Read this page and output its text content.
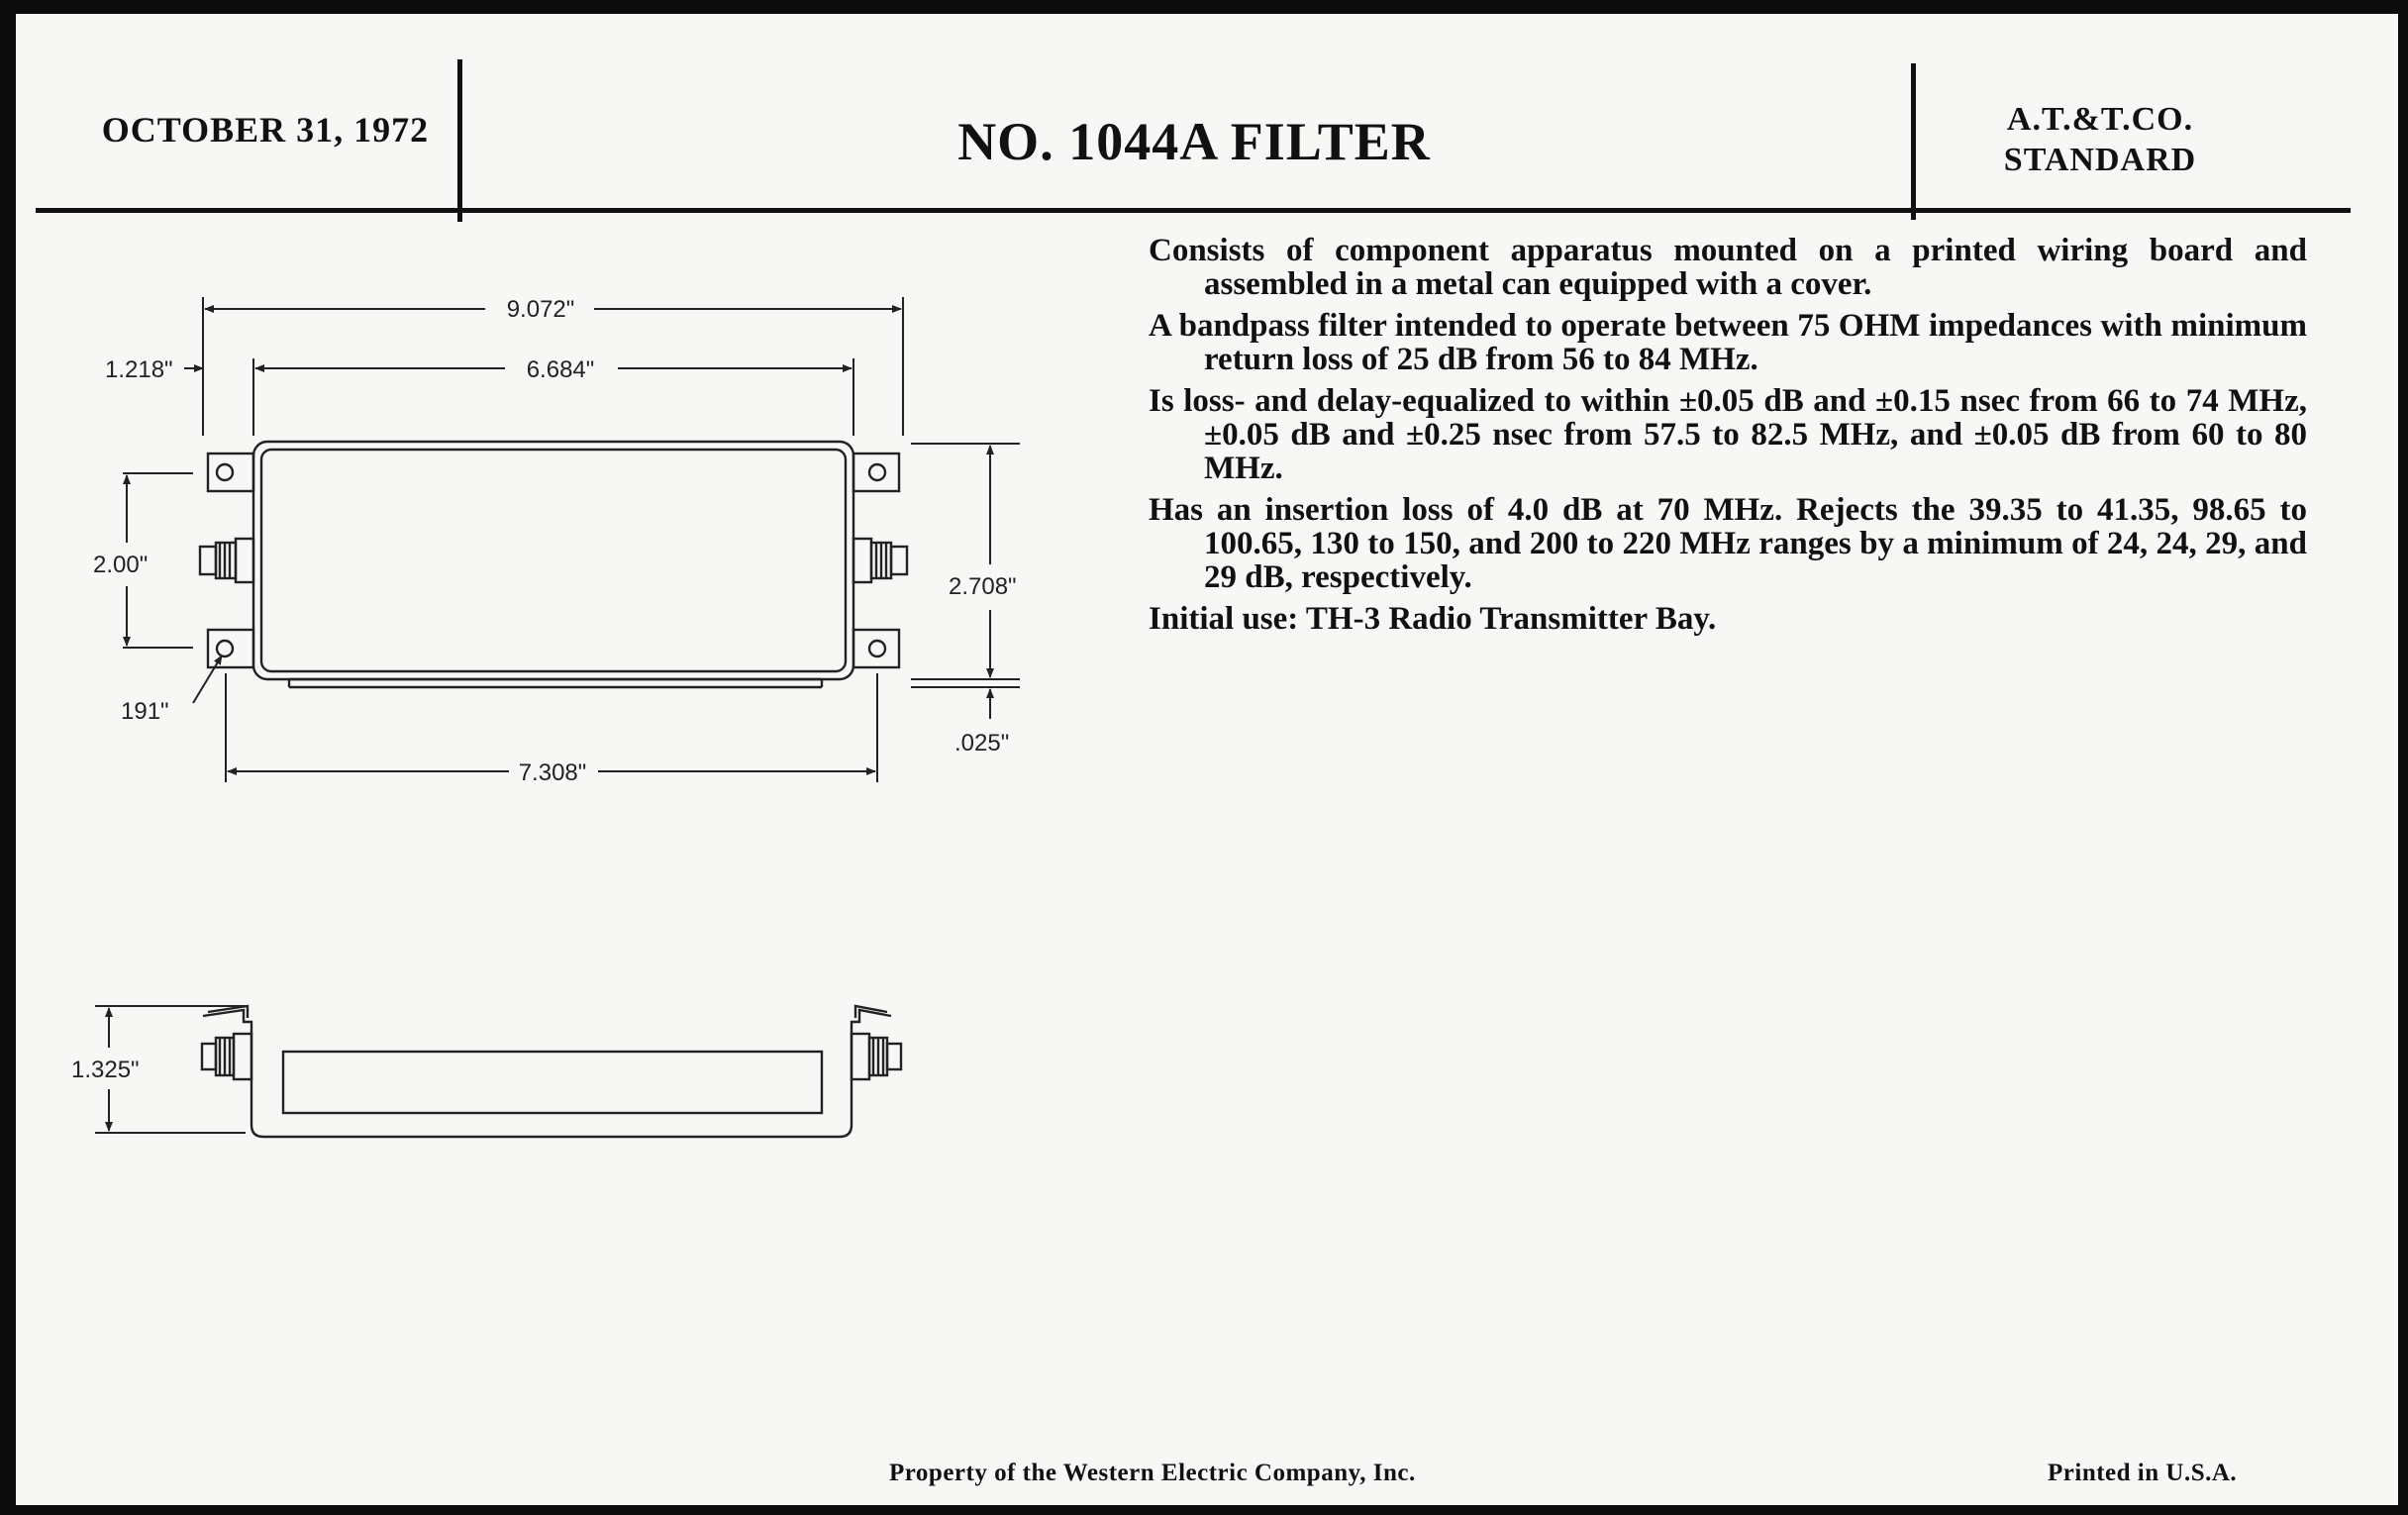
OCTOBER 31, 1972	NO. 1044A FILTER	A.T.&T.CO.
STANDARD

Consists of component apparatus mounted on a printed wiring board and assembled in a metal can equipped with a cover.

A bandpass filter intended to operate between 75 OHM impedances with minimum return loss of 25 dB from 56 to 84 MHz.

Is loss- and delay-equalized to within ±0.05 dB and ±0.15 nsec from 66 to 74 MHz, ±0.05 dB and ±0.25 nsec from 57.5 to 82.5 MHz, and ±0.05 dB from 60 to 80 MHz.

Has an insertion loss of 4.0 dB at 70 MHz. Rejects the 39.35 to 41.35, 98.65 to 100.65, 130 to 150, and 200 to 220 MHz ranges by a minimum of 24, 24, 29, and 29 dB, respectively.

Initial use: TH-3 Radio Transmitter Bay.

Property of the Western Electric Company, Inc.	Printed in U.S.A.
9.072"
6.684"
1.218"
2.00"
2.708"
.025"
191"
7.308"
1.325"
